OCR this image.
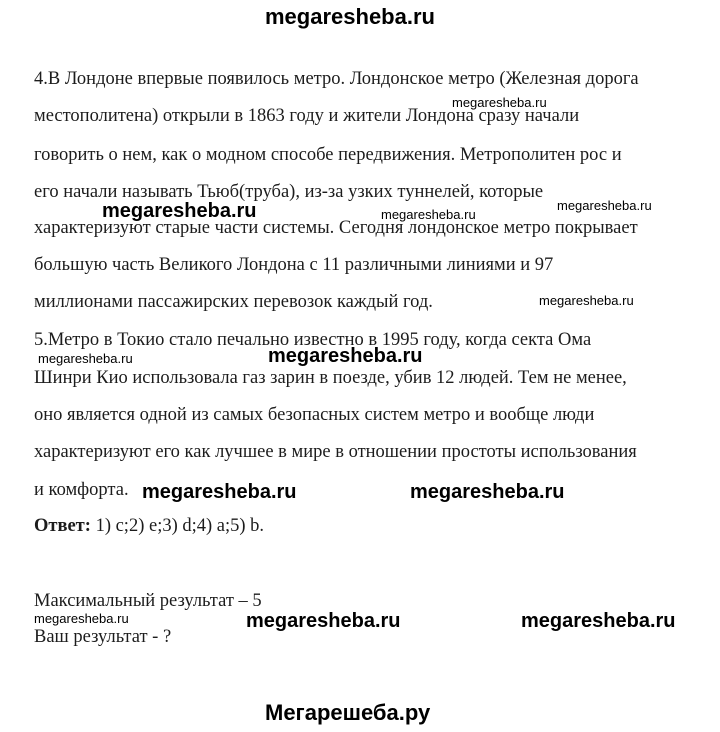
megaresheba.ru
4.В Лондоне впервые появилось метро. Лондонское метро (Железная дорога
местополитена) открыли в 1863 году и жители Лондона сразу начали
говорить о нем, как о модном способе передвижения. Метрополитен рос и
его начали называть Тьюб(труба), из-за узких туннелей, которые
характеризуют старые части системы. Сегодня лондонское метро покрывает
большую часть Великого Лондона с 11 различными линиями и 97
миллионами пассажирских перевозок каждый год.
5.Метро в Токио стало печально известно в 1995 году, когда секта Ома
Шинри Кио использовала газ зарин в поезде, убив 12 людей. Тем не менее,
оно является одной из самых безопасных систем метро и вообще люди
характеризуют его как лучшее в мире в отношении простоты использования
и комфорта.
Ответ: 1) c;2) e;3) d;4) a;5) b.
Максимальный результат – 5
Ваш результат - ?
megaresheba.ru
megaresheba.ru	megaresheba.ru
megaresheba.ru
megaresheba.ru
megaresheba.ru	megaresheba.ru
megaresheba.ru	megaresheba.ru
megaresheba.ru	megaresheba.ru	megaresheba.ru
Мегарешеба.ру
